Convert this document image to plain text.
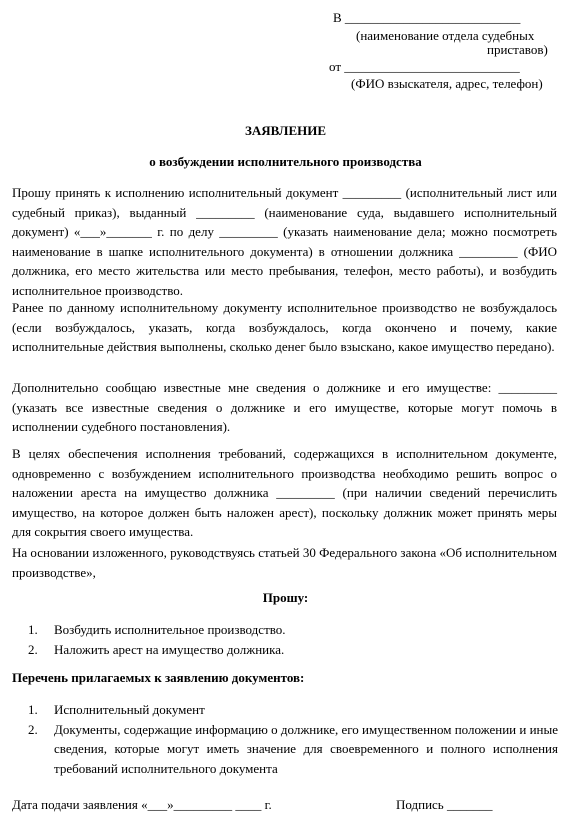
В ___________________________
(наименование отдела судебных
приставов)
от ___________________________
(ФИО взыскателя, адрес, телефон)
ЗАЯВЛЕНИЕ
о возбуждении исполнительного производства

Прошу принять к исполнению исполнительный документ _________ (исполнительный лист или судебный приказ), выданный _________ (наименование суда, выдавшего исполнительный документ) «___»_______ г. по делу _________ (указать наименование дела; можно посмотреть наименование в шапке исполнительного документа) в отношении должника _________ (ФИО должника, его место жительства или место пребывания, телефон, место работы), и возбудить исполнительное производство.

Ранее по данному исполнительному документу исполнительное производство не возбуждалось (если возбуждалось, указать, когда возбуждалось, когда окончено и почему, какие исполнительные действия выполнены, сколько денег было взыскано, какое имущество передано).

Дополнительно сообщаю известные мне сведения о должнике и его имуществе: _________ (указать все известные сведения о должнике и его имуществе, которые могут помочь в исполнении судебного постановления).

В целях обеспечения исполнения требований, содержащихся в исполнительном документе, одновременно с возбуждением исполнительного производства необходимо решить вопрос о наложении ареста на имущество должника _________ (при наличии сведений перечислить имущество, на которое должен быть наложен арест), поскольку должник может принять меры для сокрытия своего имущества.

На основании изложенного, руководствуясь статьей 30 Федерального закона «Об исполнительном производстве»,

Прошу:
1. Возбудить исполнительное производство.
2. Наложить арест на имущество должника.
Перечень прилагаемых к заявлению документов:
1. Исполнительный документ
2. Документы, содержащие информацию о должнике, его имущественном положении и иные сведения, которые могут иметь значение для своевременного и полного исполнения требований исполнительного документа
Дата подачи заявления «___»_________ ____ г.	Подпись _______
